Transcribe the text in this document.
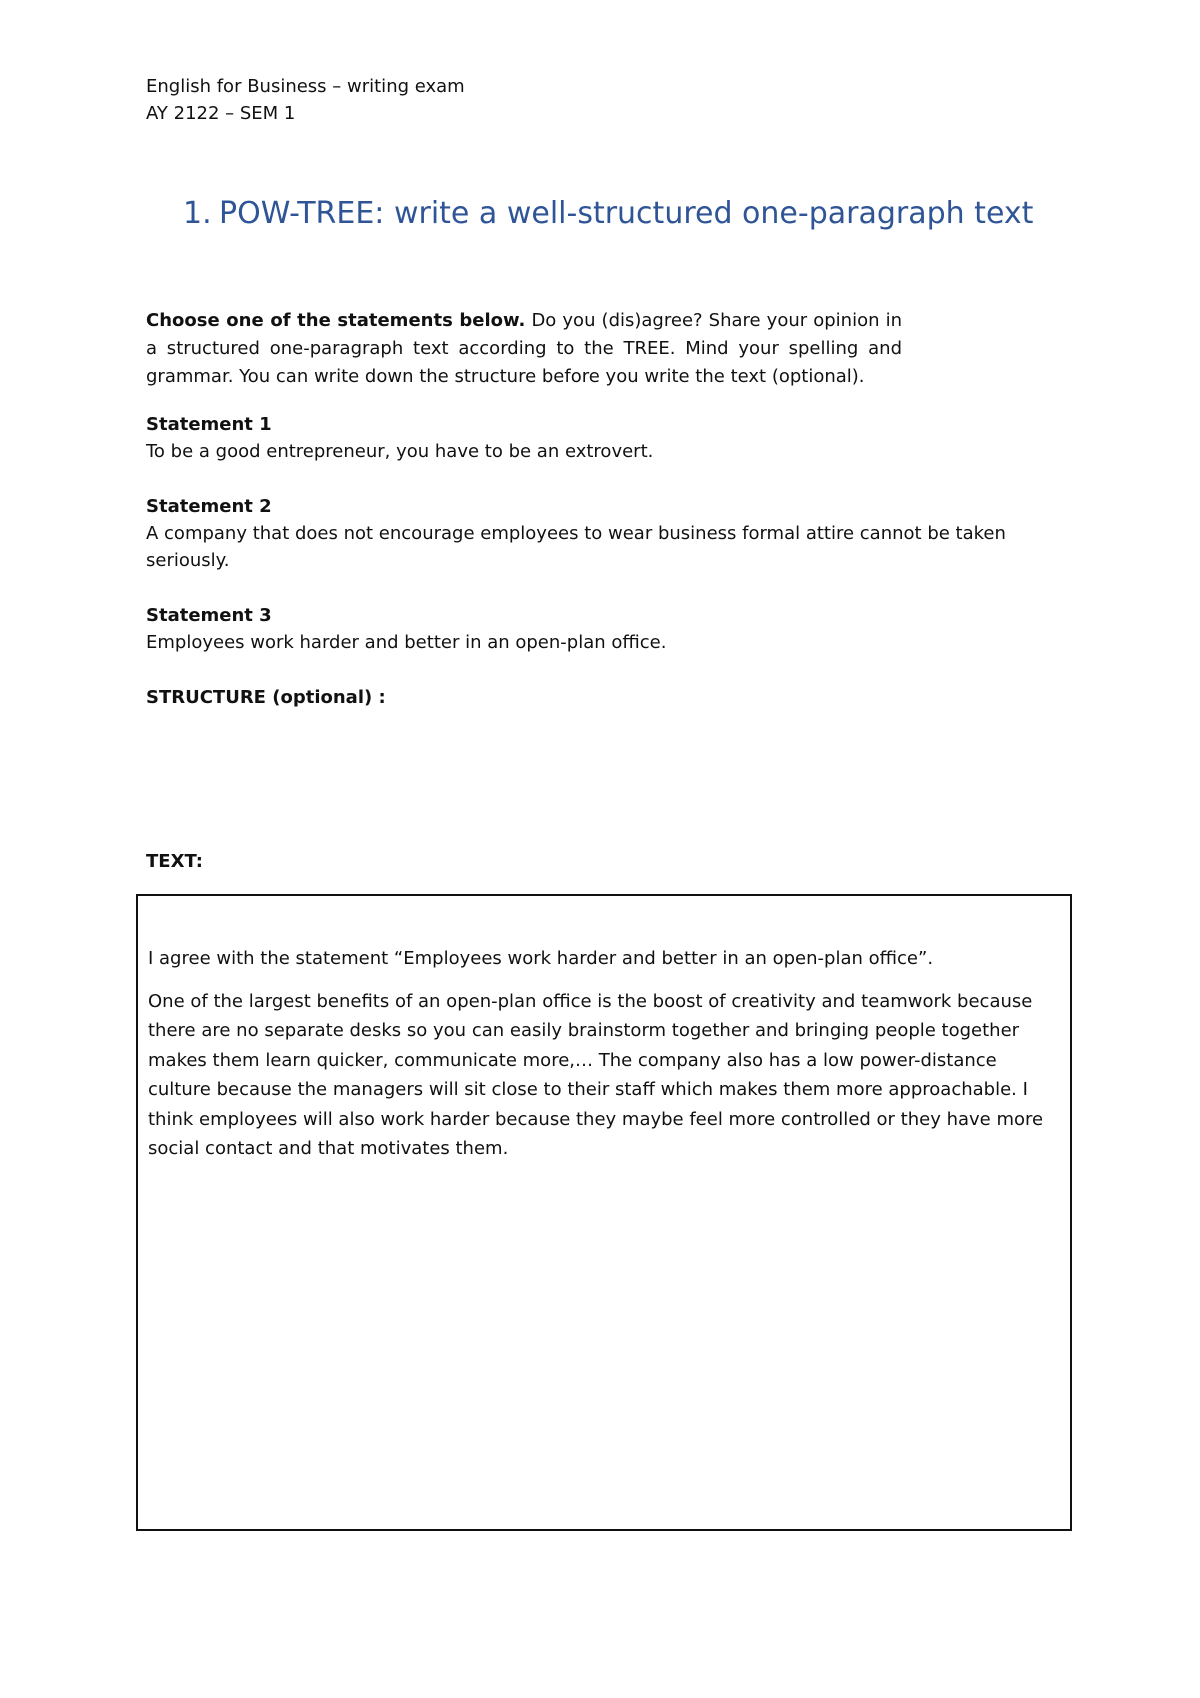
English for Business – writing exam
AY 2122 – SEM 1
1. POW-TREE: write a well-structured one-paragraph text
Choose one of the statements below. Do you (dis)agree? Share your opinion in a structured one-paragraph text according to the TREE. Mind your spelling and grammar. You can write down the structure before you write the text (optional).
Statement 1
To be a good entrepreneur, you have to be an extrovert.
Statement 2
A company that does not encourage employees to wear business formal attire cannot be taken seriously.
Statement 3
Employees work harder and better in an open-plan office.
STRUCTURE (optional) :
TEXT:

I agree with the statement “Employees work harder and better in an open-plan office”.

One of the largest benefits of an open-plan office is the boost of creativity and teamwork because there are no separate desks so you can easily brainstorm together and bringing people together makes them learn quicker, communicate more,… The company also has a low power-distance culture because the managers will sit close to their staff which makes them more approachable. I think employees will also work harder because they maybe feel more controlled or they have more social contact and that motivates them.
